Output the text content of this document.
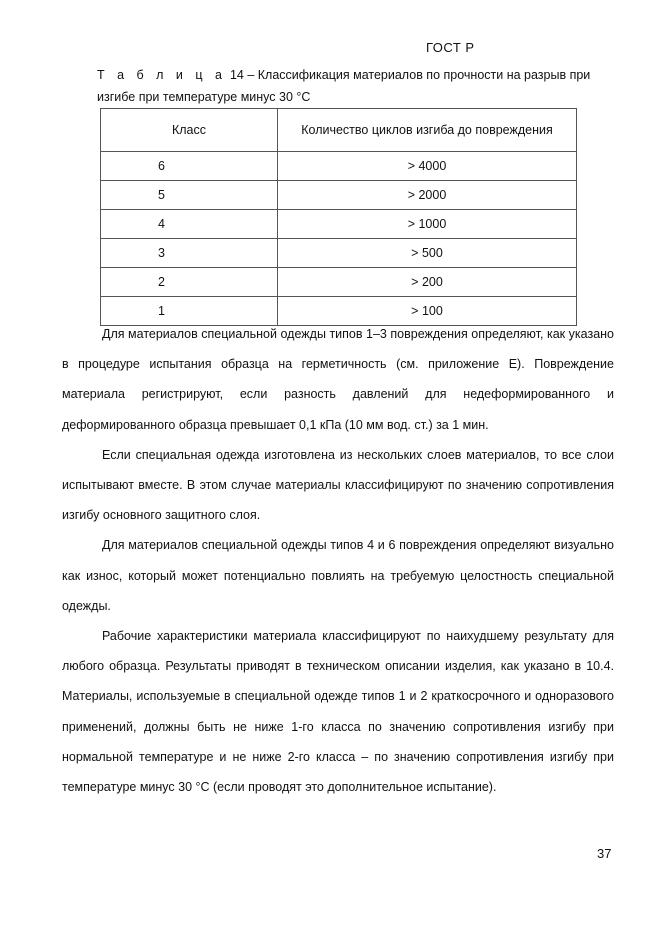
ГОСТ Р
Т а б л и ц а 14 – Классификация материалов по прочности на разрыв при изгибе при температуре минус 30 °С
Класс	Количество циклов изгиба до повреждения
6	> 4000
5	> 2000
4	> 1000
3	> 500
2	> 200
1	> 100

Для материалов специальной одежды типов 1–3 повреждения определяют, как указано в процедуре испытания образца на герметичность (см. приложение Е). Повреждение материала регистрируют, если разность давлений для недеформированного и деформированного образца превышает 0,1 кПа (10 мм вод. ст.) за 1 мин.

Если специальная одежда изготовлена из нескольких слоев материалов, то все слои испытывают вместе. В этом случае материалы классифицируют по значению сопротивления изгибу основного защитного слоя.

Для материалов специальной одежды типов 4 и 6 повреждения определяют визуально как износ, который может потенциально повлиять на требуемую целостность специальной одежды.

Рабочие характеристики материала классифицируют по наихудшему результату для любого образца. Результаты приводят в техническом описании изделия, как указано в 10.4. Материалы, используемые в специальной одежде типов 1 и 2 краткосрочного и одноразового применений, должны быть не ниже 1-го класса по значению сопротивления изгибу при нормальной температуре и не ниже 2-го класса – по значению сопротивления изгибу при температуре минус 30 °С (если проводят это дополнительное испытание).

37
